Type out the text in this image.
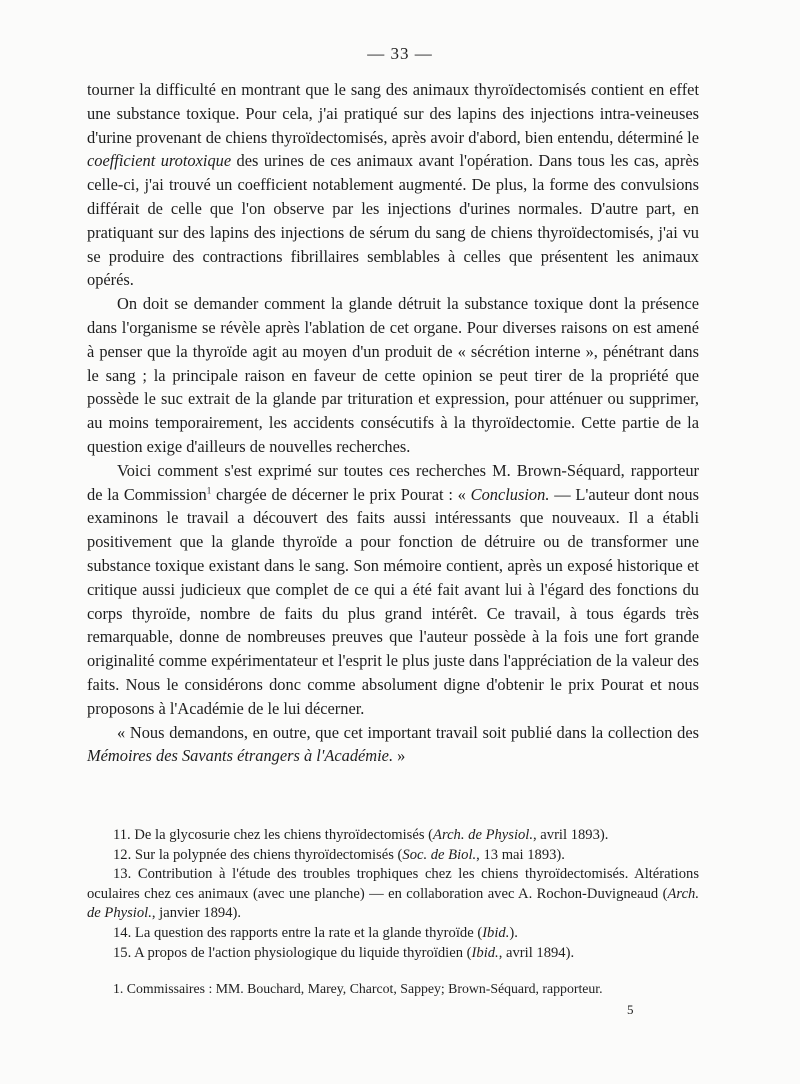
— 33 —

tourner la difficulté en montrant que le sang des animaux thyroïdectomisés contient en effet une substance toxique. Pour cela, j'ai pratiqué sur des lapins des injections intra-veineuses d'urine provenant de chiens thyroïdectomisés, après avoir d'abord, bien entendu, déterminé le coefficient urotoxique des urines de ces animaux avant l'opération. Dans tous les cas, après celle-ci, j'ai trouvé un coefficient notablement augmenté. De plus, la forme des convulsions différait de celle que l'on observe par les injections d'urines normales. D'autre part, en pratiquant sur des lapins des injections de sérum du sang de chiens thyroïdectomisés, j'ai vu se produire des contractions fibrillaires semblables à celles que présentent les animaux opérés.

On doit se demander comment la glande détruit la substance toxique dont la présence dans l'organisme se révèle après l'ablation de cet organe. Pour diverses raisons on est amené à penser que la thyroïde agit au moyen d'un produit de « sécrétion interne », pénétrant dans le sang ; la principale raison en faveur de cette opinion se peut tirer de la propriété que possède le suc extrait de la glande par trituration et expression, pour atténuer ou supprimer, au moins temporairement, les accidents consécutifs à la thyroïdectomie. Cette partie de la question exige d'ailleurs de nouvelles recherches.

Voici comment s'est exprimé sur toutes ces recherches M. Brown-Séquard, rapporteur de la Commission$^1$ chargée de décerner le prix Pourat : « Conclusion. — L'auteur dont nous examinons le travail a découvert des faits aussi intéressants que nouveaux. Il a établi positivement que la glande thyroïde a pour fonction de détruire ou de transformer une substance toxique existant dans le sang. Son mémoire contient, après un exposé historique et critique aussi judicieux que complet de ce qui a été fait avant lui à l'égard des fonctions du corps thyroïde, nombre de faits du plus grand intérêt. Ce travail, à tous égards très remarquable, donne de nombreuses preuves que l'auteur possède à la fois une fort grande originalité comme expérimentateur et l'esprit le plus juste dans l'appréciation de la valeur des faits. Nous le considérons donc comme absolument digne d'obtenir le prix Pourat et nous proposons à l'Académie de le lui décerner.

« Nous demandons, en outre, que cet important travail soit publié dans la collection des Mémoires des Savants étrangers à l'Académie. »

11. De la glycosurie chez les chiens thyroïdectomisés (Arch. de Physiol., avril 1893).

12. Sur la polypnée des chiens thyroïdectomisés (Soc. de Biol., 13 mai 1893).

13. Contribution à l'étude des troubles trophiques chez les chiens thyroïdectomisés. Altérations oculaires chez ces animaux (avec une planche) — en collaboration avec A. Rochon-Duvigneaud (Arch. de Physiol., janvier 1894).

14. La question des rapports entre la rate et la glande thyroïde (Ibid.).

15. A propos de l'action physiologique du liquide thyroïdien (Ibid., avril 1894).

1. Commissaires : MM. Bouchard, Marey, Charcot, Sappey; Brown-Séquard, rapporteur.
5
